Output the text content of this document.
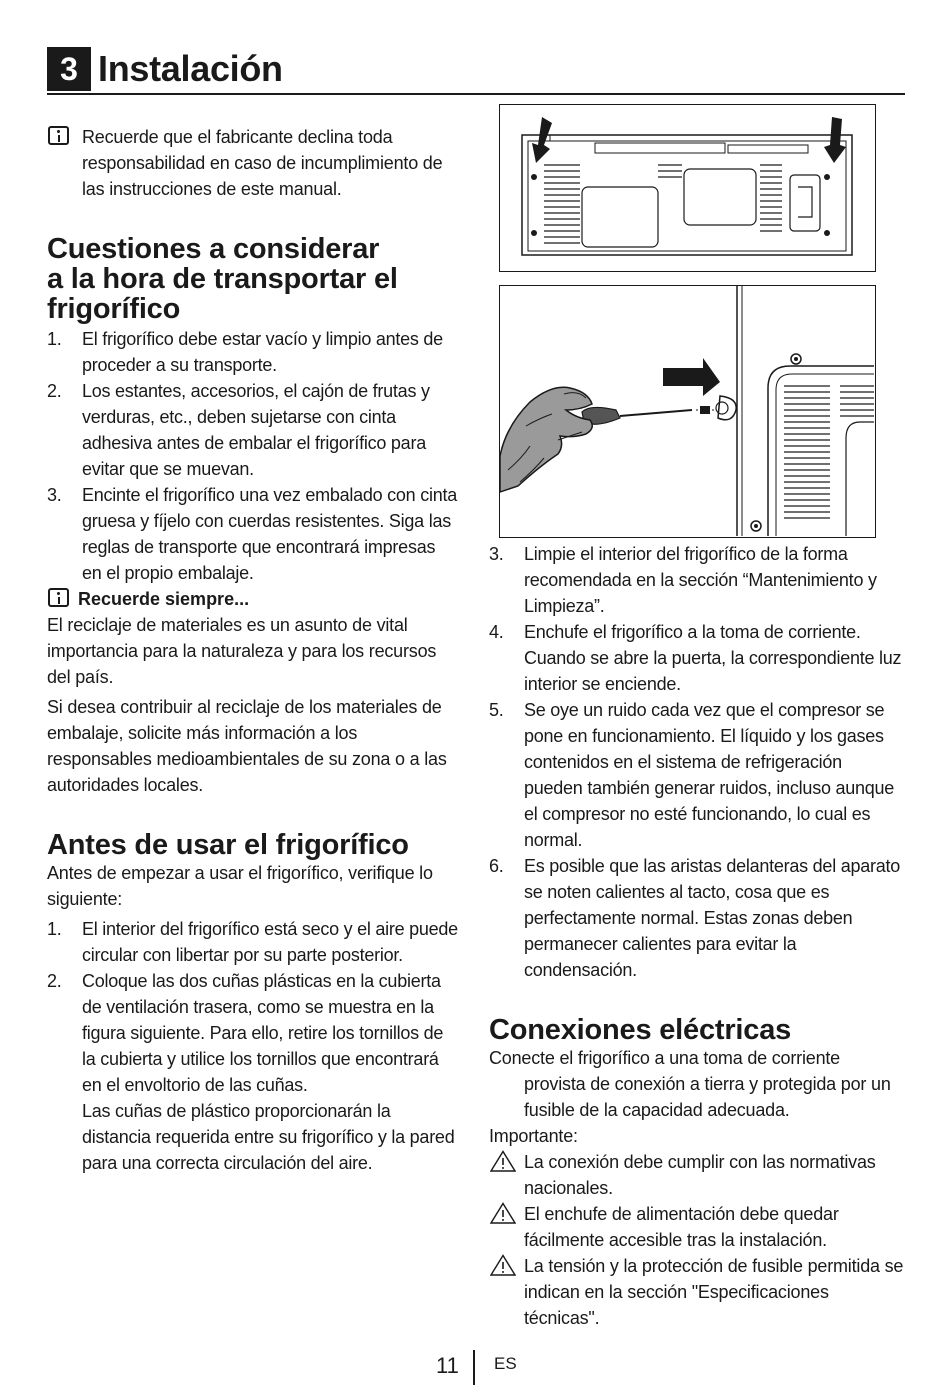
3 Instalación
Recuerde que el fabricante declina toda responsabilidad en caso de incumplimiento de las instrucciones de este manual.
Cuestiones a considerar
a la hora de transportar el
frigorífico
1. El frigorífico debe estar vacío y limpio antes de proceder a su transporte.
2. Los estantes, accesorios, el cajón de frutas y verduras, etc., deben sujetarse con cinta adhesiva antes de embalar el frigorífico para evitar que se muevan.
3. Encinte el frigorífico una vez embalado con cinta gruesa y fíjelo con cuerdas resistentes. Siga las reglas de transporte que encontrará impresas en el propio embalaje.
Recuerde siempre...
El reciclaje de materiales es un asunto de vital importancia para la naturaleza y para los recursos del país.
Si desea contribuir al reciclaje de los materiales de embalaje, solicite más información a los responsables medioambientales de su zona o a las autoridades locales.
Antes de usar el frigorífico
Antes de empezar a usar el frigorífico, verifique lo siguiente:
1. El interior del frigorífico está seco y el aire puede circular con libertar por su parte posterior.
2. Coloque las dos cuñas plásticas en la cubierta de ventilación trasera, como se muestra en la figura siguiente. Para ello, retire los tornillos de la cubierta y utilice los tornillos que encontrará en el envoltorio de las cuñas.
Las cuñas de plástico proporcionarán la distancia requerida entre su frigorífico y la pared para una correcta circulación del aire.
3. Limpie el interior del frigorífico de la forma recomendada en la sección “Mantenimiento y Limpieza”.
4. Enchufe el frigorífico a la toma de corriente. Cuando se abre la puerta, la correspondiente luz interior se enciende.
5. Se oye un ruido cada vez que el compresor se pone en funcionamiento. El líquido y los gases contenidos en el sistema de refrigeración pueden también generar ruidos, incluso aunque el compresor no esté funcionando, lo cual es normal.
6. Es posible que las aristas delanteras del aparato se noten calientes al tacto, cosa que es perfectamente normal. Estas zonas deben permanecer calientes para evitar la condensación.
Conexiones eléctricas
Conecte el frigorífico a una toma de corriente provista de conexión a tierra y protegida por un fusible de la capacidad adecuada.
Importante:
La conexión debe cumplir con las normativas nacionales.
El enchufe de alimentación debe quedar fácilmente accesible tras la instalación.
La tensión y la protección de fusible permitida se indican en la sección "Especificaciones técnicas".
11 ES
